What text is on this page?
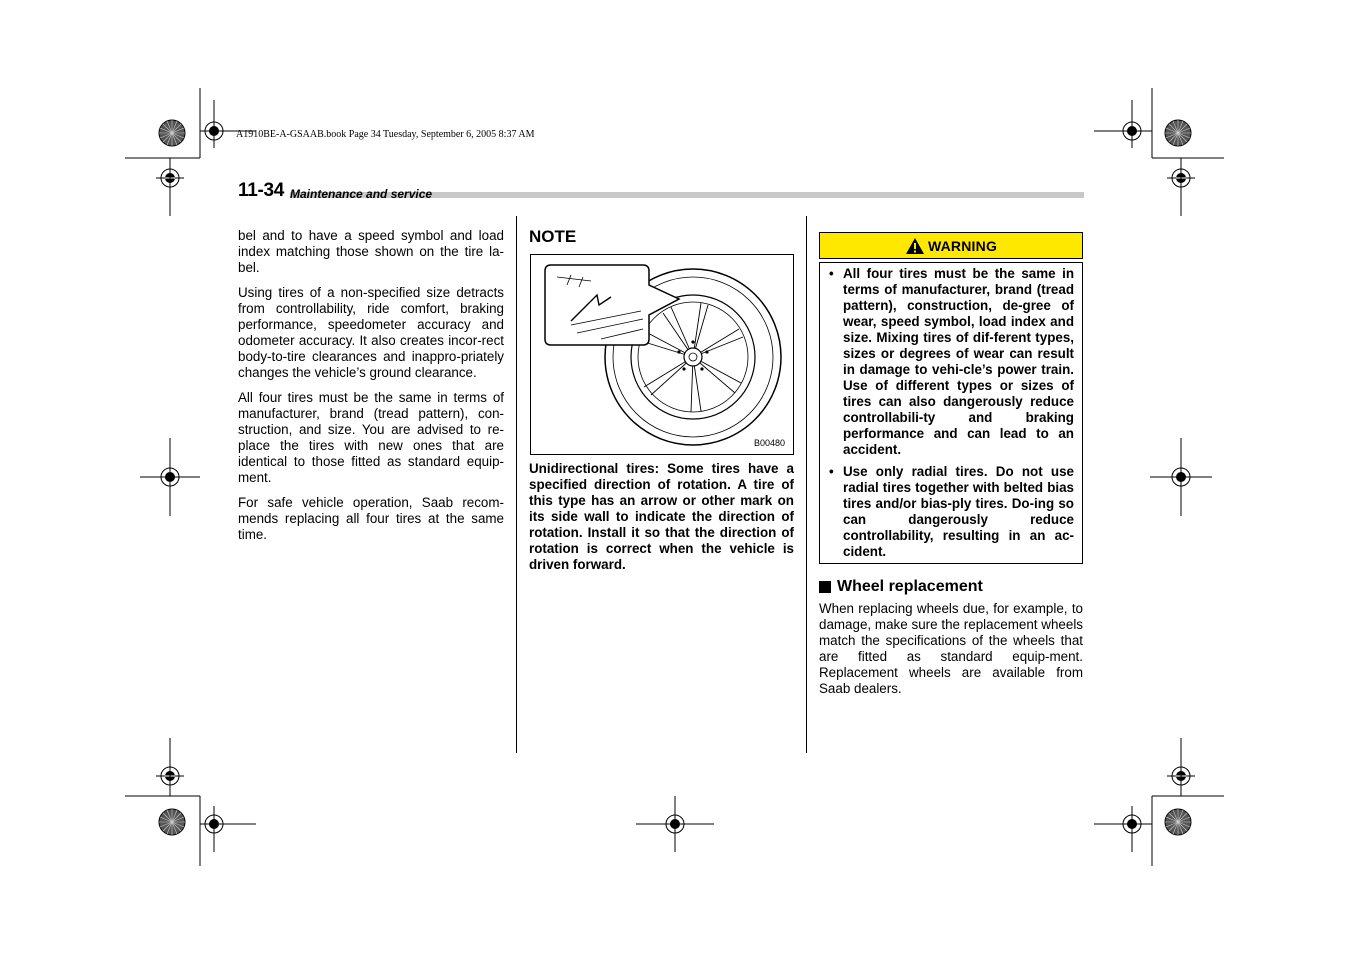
A1910BE-A-GSAAB.book Page 34 Tuesday, September 6, 2005 8:37 AM
11-34 Maintenance and service

bel and to have a speed symbol and load index matching those shown on the tire la-bel.

Using tires of a non-specified size detracts from controllability, ride comfort, braking performance, speedometer accuracy and odometer accuracy. It also creates incor-rect body-to-tire clearances and inappro-priately changes the vehicle’s ground clearance.

All four tires must be the same in terms of manufacturer, brand (tread pattern), con-struction, and size. You are advised to re-place the tires with new ones that are identical to those fitted as standard equip-ment.

For safe vehicle operation, Saab recom-mends replacing all four tires at the same time.

NOTE
B00480
Unidirectional tires: Some tires have a specified direction of rotation. A tire of this type has an arrow or other mark on its side wall to indicate the direction of rotation. Install it so that the direction of rotation is correct when the vehicle is driven forward.
WARNING
• All four tires must be the same in terms of manufacturer, brand (tread pattern), construction, de-gree of wear, speed symbol, load index and size. Mixing tires of dif-ferent types, sizes or degrees of wear can result in damage to vehi-cle’s power train. Use of different types or sizes of tires can also dangerously reduce controllabili-ty and braking performance and can lead to an accident.
• Use only radial tires. Do not use radial tires together with belted bias tires and/or bias-ply tires. Do-ing so can dangerously reduce controllability, resulting in an ac-cident.
Wheel replacement
When replacing wheels due, for example, to damage, make sure the replacement wheels match the specifications of the wheels that are fitted as standard equip-ment. Replacement wheels are available from Saab dealers.
